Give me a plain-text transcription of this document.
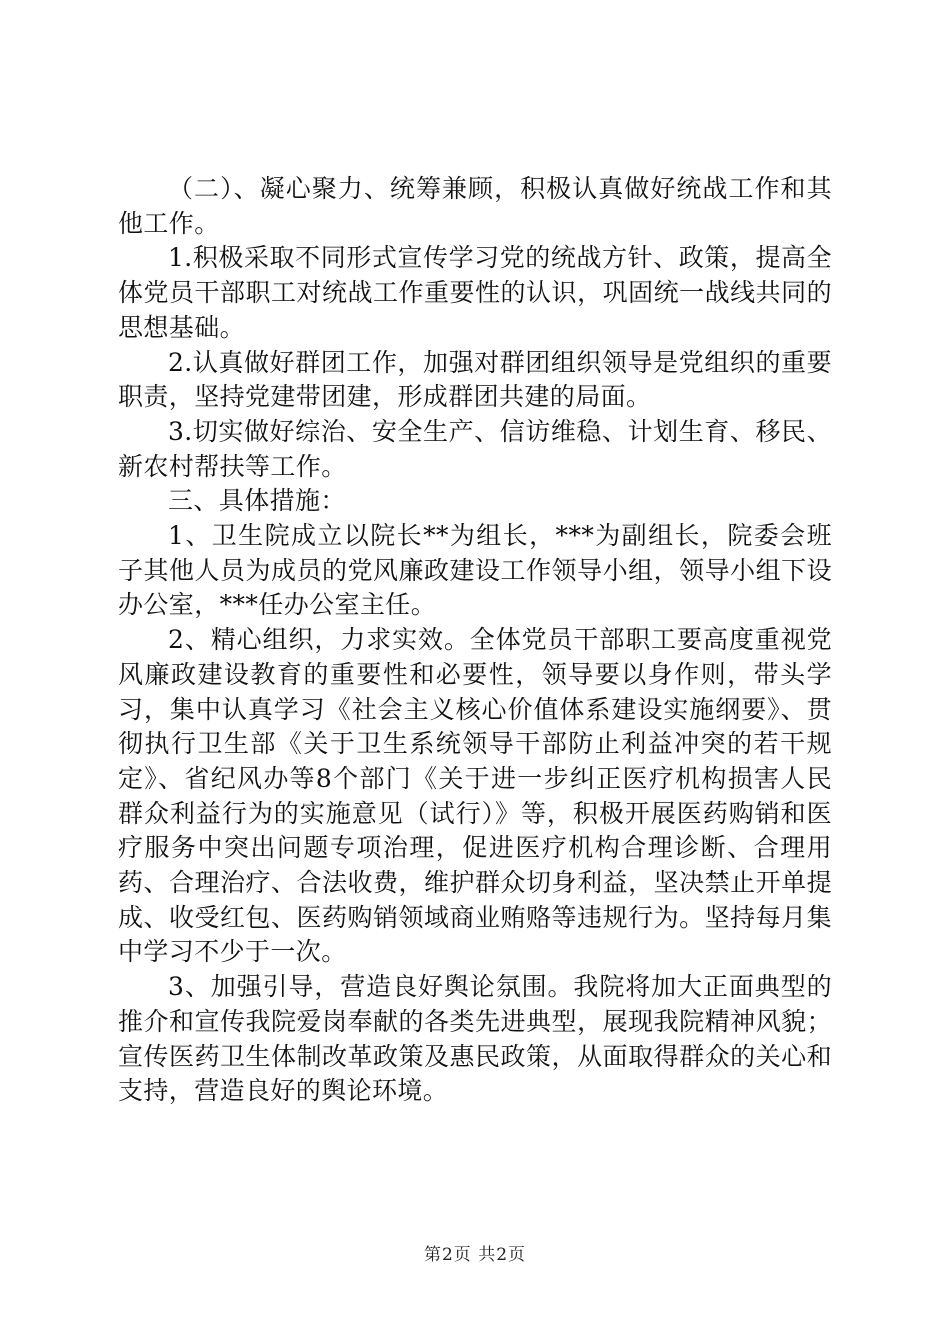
（二）、凝心聚力、统筹兼顾，积极认真做好统战工作和其他工作。

1.积极采取不同形式宣传学习党的统战方针、政策，提高全体党员干部职工对统战工作重要性的认识，巩固统一战线共同的思想基础。

2.认真做好群团工作，加强对群团组织领导是党组织的重要职责，坚持党建带团建，形成群团共建的局面。

3.切实做好综治、安全生产、信访维稳、计划生育、移民、新农村帮扶等工作。

三、具体措施：

1、卫生院成立以院长**为组长，***为副组长，院委会班子其他人员为成员的党风廉政建设工作领导小组，领导小组下设办公室，***任办公室主任。

2、精心组织，力求实效。全体党员干部职工要高度重视党风廉政建设教育的重要性和必要性，领导要以身作则，带头学习，集中认真学习《社会主义核心价值体系建设实施纲要》、贯彻执行卫生部《关于卫生系统领导干部防止利益冲突的若干规定》、省纪风办等8个部门《关于进一步纠正医疗机构损害人民群众利益行为的实施意见（试行）》等，积极开展医药购销和医疗服务中突出问题专项治理，促进医疗机构合理诊断、合理用药、合理治疗、合法收费，维护群众切身利益，坚决禁止开单提成、收受红包、医药购销领域商业贿赂等违规行为。坚持每月集中学习不少于一次。

3、加强引导，营造良好舆论氛围。我院将加大正面典型的推介和宣传我院爱岗奉献的各类先进典型，展现我院精神风貌；宣传医药卫生体制改革政策及惠民政策，从面取得群众的关心和支持，营造良好的舆论环境。

第2页 共2页
